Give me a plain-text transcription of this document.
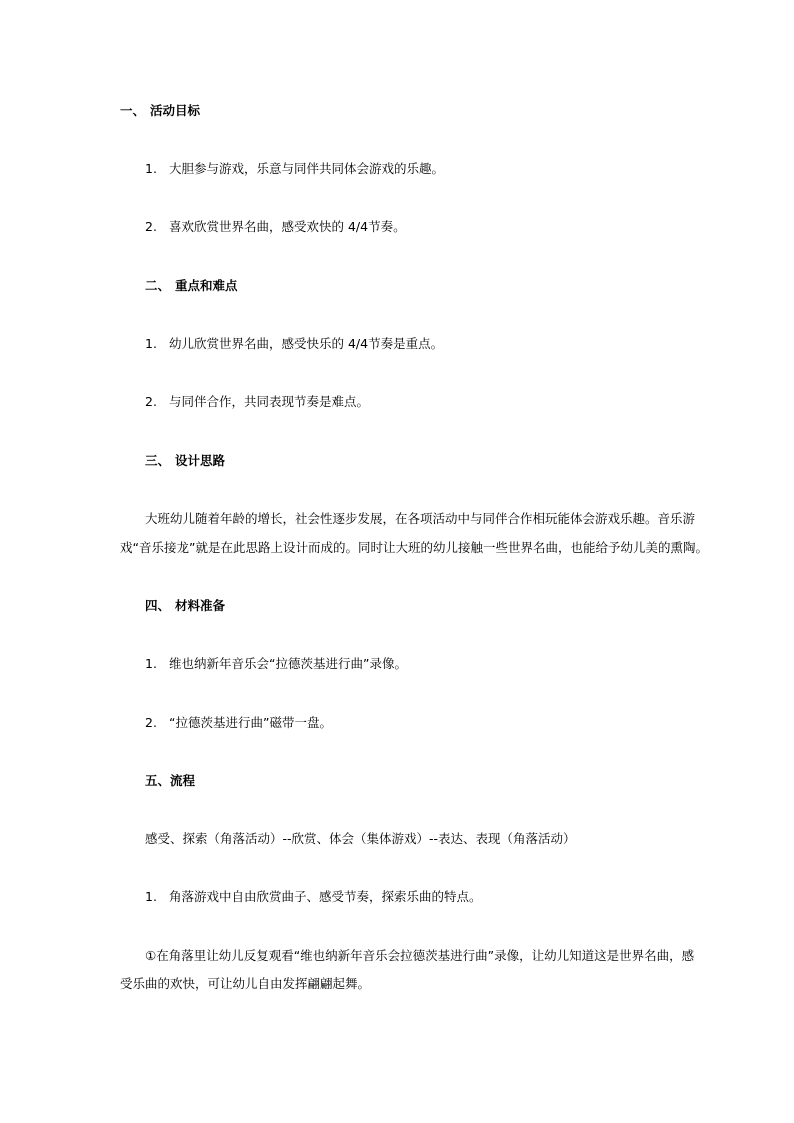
一、 活动目标
1. 大胆参与游戏，乐意与同伴共同体会游戏的乐趣。
2. 喜欢欣赏世界名曲，感受欢快的 4/4节奏。
二、 重点和难点
1. 幼儿欣赏世界名曲，感受快乐的 4/4节奏是重点。
2. 与同伴合作，共同表现节奏是难点。
三、 设计思路
大班幼儿随着年龄的增长，社会性逐步发展，在各项活动中与同伴合作相玩能体会游戏乐趣。音乐游
戏“音乐接龙”就是在此思路上设计而成的。同时让大班的幼儿接触一些世界名曲，也能给予幼儿美的熏陶。
四、 材料准备
1. 维也纳新年音乐会“拉德茨基进行曲”录像。
2. “拉德茨基进行曲”磁带一盘。
五、流程
感受、探索（角落活动）--欣赏、体会（集体游戏）--表达、表现（角落活动）
1. 角落游戏中自由欣赏曲子、感受节奏，探索乐曲的特点。
①在角落里让幼儿反复观看“维也纳新年音乐会拉德茨基进行曲”录像，让幼儿知道这是世界名曲，感
受乐曲的欢快，可让幼儿自由发挥翩翩起舞。
